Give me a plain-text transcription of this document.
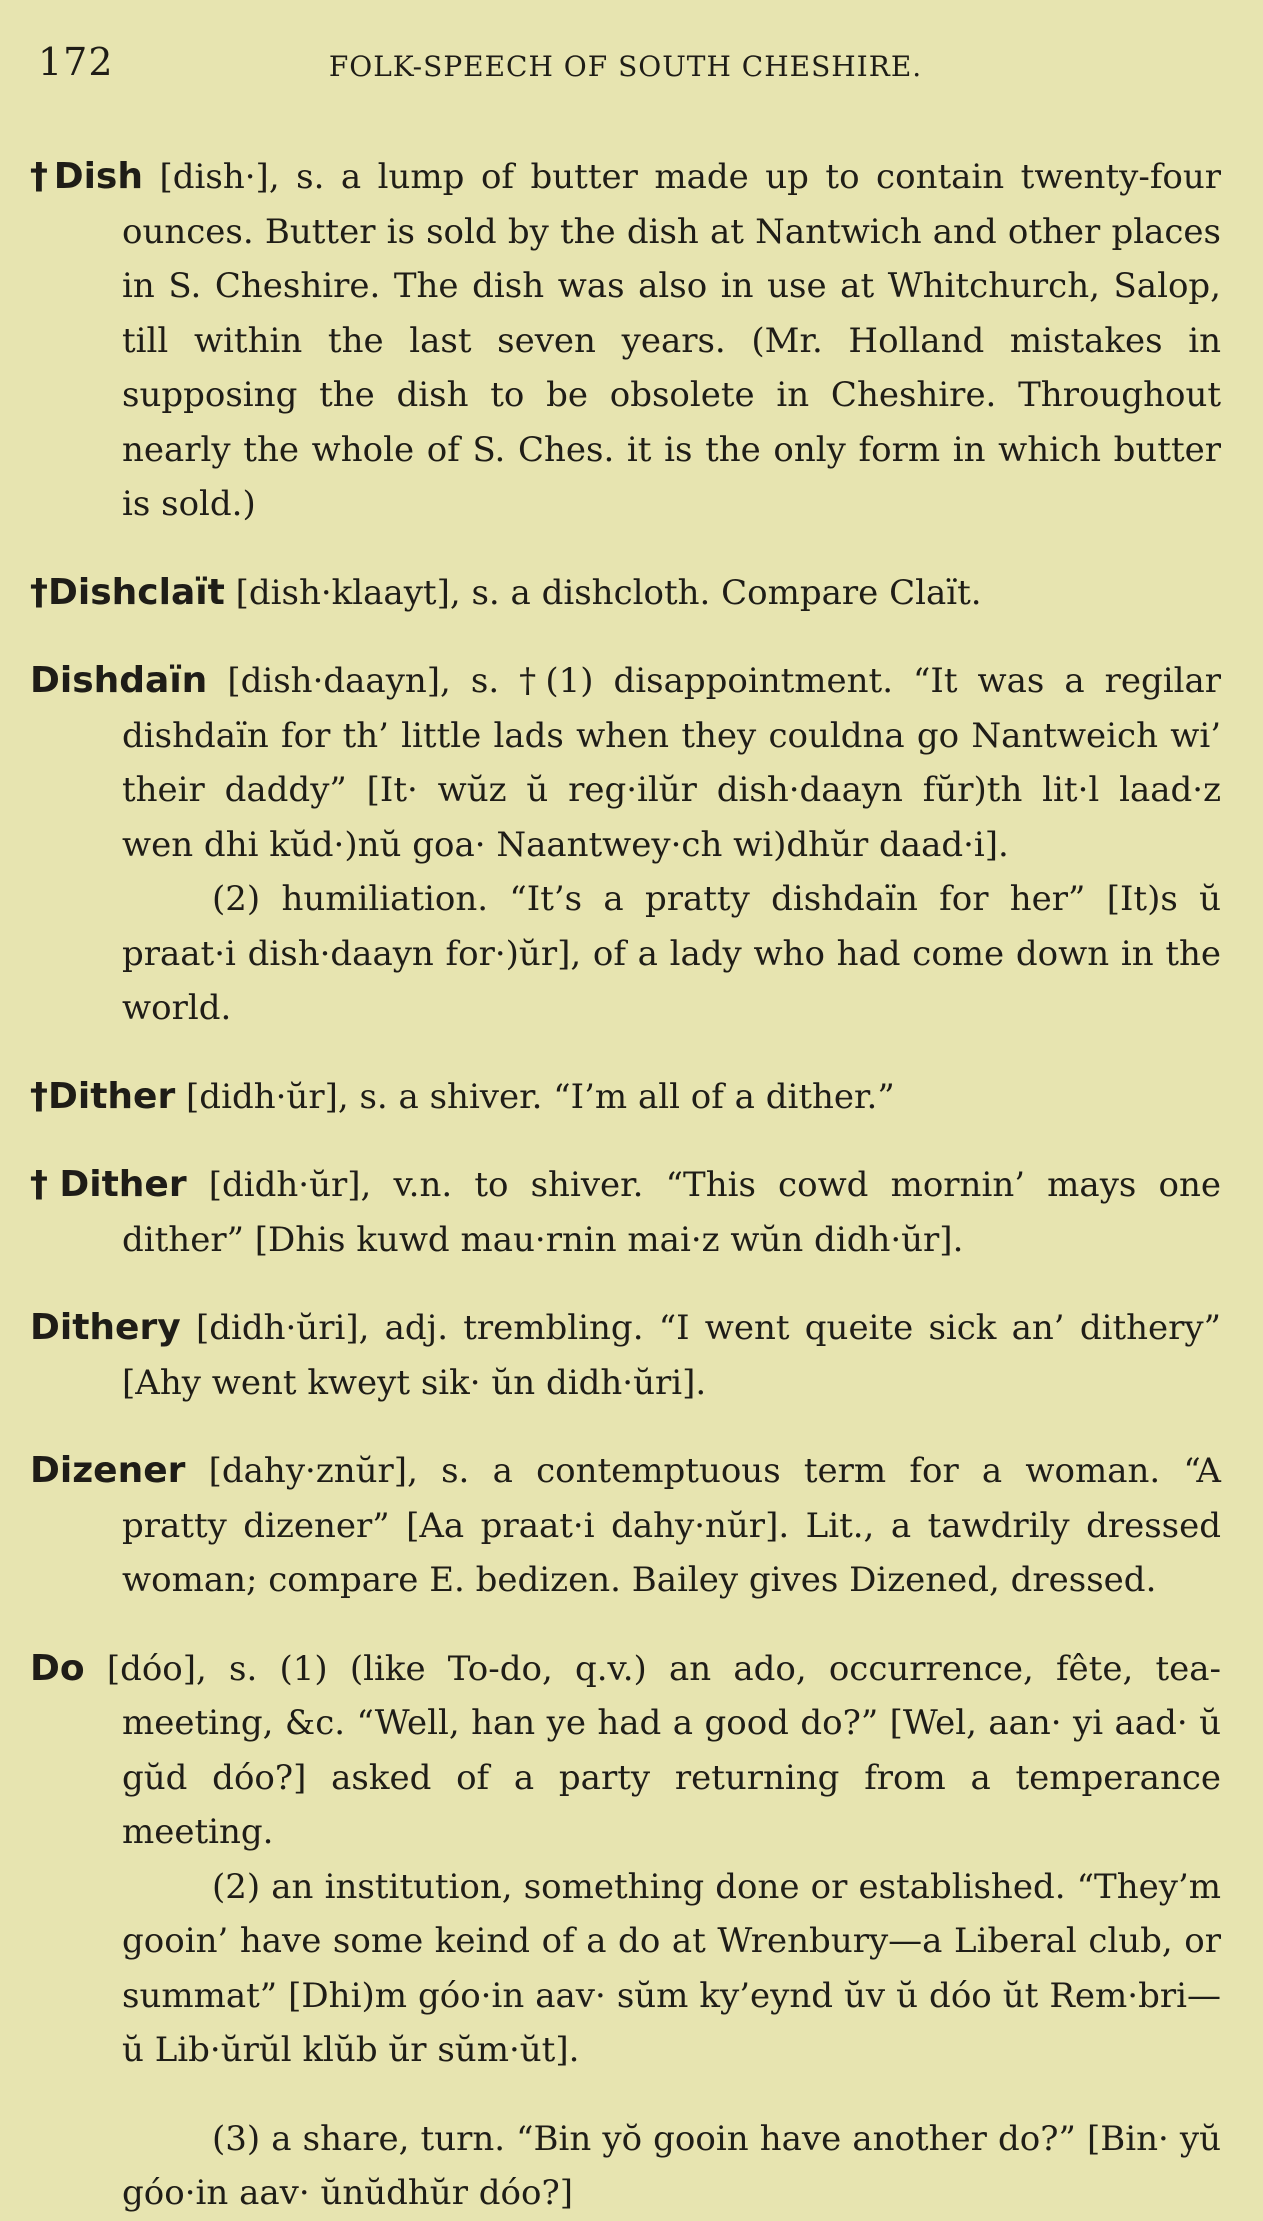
172	FOLK-SPEECH OF SOUTH CHESHIRE.

†Dish [dish·], s. a lump of butter made up to contain twenty-four ounces. Butter is sold by the dish at Nantwich and other places in S. Cheshire. The dish was also in use at Whitchurch, Salop, till within the last seven years. (Mr. Holland mistakes in supposing the dish to be obsolete in Cheshire. Throughout nearly the whole of S. Ches. it is the only form in which butter is sold.)

†Dishclaït [dish·klaayt], s. a dishcloth. Compare Claït.

Dishdaïn [dish·daayn], s. †(1) disappointment. “It was a regilar dishdaïn for th’ little lads when they couldna go Nantweich wi’ their daddy” [It· wŭz ŭ reg·ilŭr dish·daayn fŭr)th lit·l laad·z wen dhi kŭd·)nŭ goa· Naantwey·ch wi)dhŭr daad·i].

(2) humiliation. “It’s a pratty dishdaïn for her” [It)s ŭ praat·i dish·daayn for·)ŭr], of a lady who had come down in the world.

†Dither [didh·ŭr], s. a shiver. “I’m all of a dither.”

†Dither [didh·ŭr], v.n. to shiver. “This cowd mornin’ mays one dither” [Dhis kuwd mau·rnin mai·z wŭn didh·ŭr].

Dithery [didh·ŭri], adj. trembling. “I went queite sick an’ dithery” [Ahy went kweyt sik· ŭn didh·ŭri].

Dizener [dahy·znŭr], s. a contemptuous term for a woman. “A pratty dizener” [Aa praat·i dahy·nŭr]. Lit., a tawdrily dressed woman; compare E. bedizen. Bailey gives Dizened, dressed.

Do [dóo], s. (1) (like To-do, q.v.) an ado, occurrence, fête, tea-meeting, &c. “Well, han ye had a good do?” [Wel, aan· yi aad· ŭ gŭd dóo?] asked of a party returning from a temperance meeting.

(2) an institution, something done or established. “They’m gooin’ have some keind of a do at Wrenbury—a Liberal club, or summat” [Dhi)m góo·in aav· sŭm ky’eynd ŭv ŭ dóo ŭt Rem·bri—ŭ Lib·ŭrŭl klŭb ŭr sŭm·ŭt].

(3) a share, turn. “Bin yŏ gooin have another do?” [Bin· yŭ góo·in aav· ŭnŭdhŭr dóo?]
